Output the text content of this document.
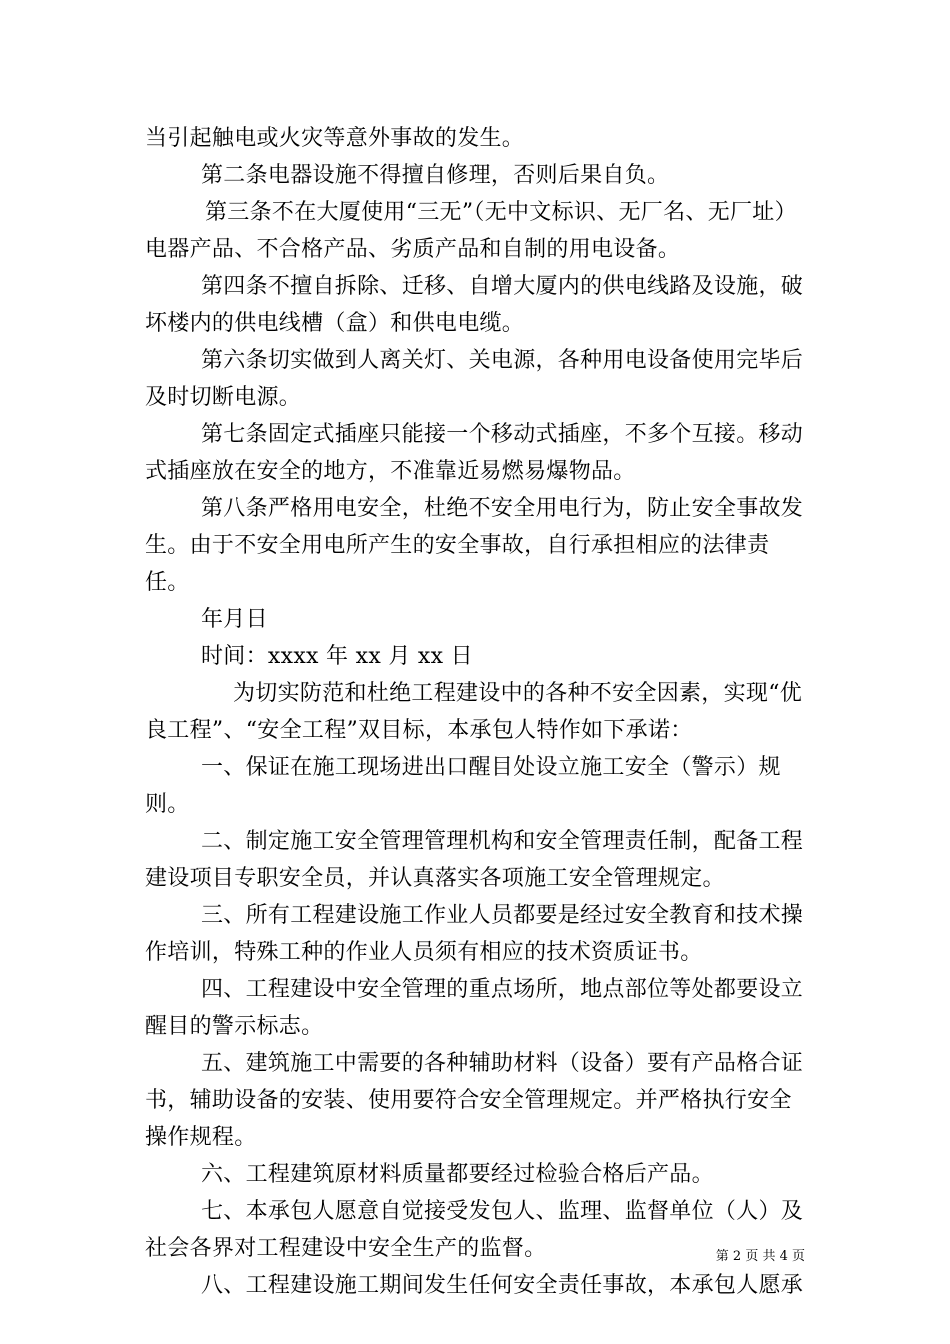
当引起触电或火灾等意外事故的发生。

第二条电器设施不得擅自修理，否则后果自负。

第三条不在大厦使用“三无”（无中文标识、无厂名、无厂址）电器产品、不合格产品、劣质产品和自制的用电设备。

第四条不擅自拆除、迁移、自增大厦内的供电线路及设施，破坏楼内的供电线槽（盒）和供电电缆。

第六条切实做到人离关灯、关电源，各种用电设备使用完毕后及时切断电源。

第七条固定式插座只能接一个移动式插座，不多个互接。移动式插座放在安全的地方，不准靠近易燃易爆物品。

第八条严格用电安全，杜绝不安全用电行为，防止安全事故发生。由于不安全用电所产生的安全事故，自行承担相应的法律责任。

年月日

时间：xxxx 年 xx 月 xx 日

为切实防范和杜绝工程建设中的各种不安全因素，实现“优良工程”、“安全工程”双目标，本承包人特作如下承诺：

一、保证在施工现场进出口醒目处设立施工安全（警示）规则。

二、制定施工安全管理管理机构和安全管理责任制，配备工程建设项目专职安全员，并认真落实各项施工安全管理规定。

三、所有工程建设施工作业人员都要是经过安全教育和技术操作培训，特殊工种的作业人员须有相应的技术资质证书。

四、工程建设中安全管理的重点场所，地点部位等处都要设立醒目的警示标志。

五、建筑施工中需要的各种辅助材料（设备）要有产品格合证书，辅助设备的安装、使用要符合安全管理规定。并严格执行安全操作规程。

六、工程建筑原材料质量都要经过检验合格后产品。

七、本承包人愿意自觉接受发包人、监理、监督单位（人）及社会各界对工程建设中安全生产的监督。

八、工程建设施工期间发生任何安全责任事故，本承包人愿承

第 2 页 共 4 页
